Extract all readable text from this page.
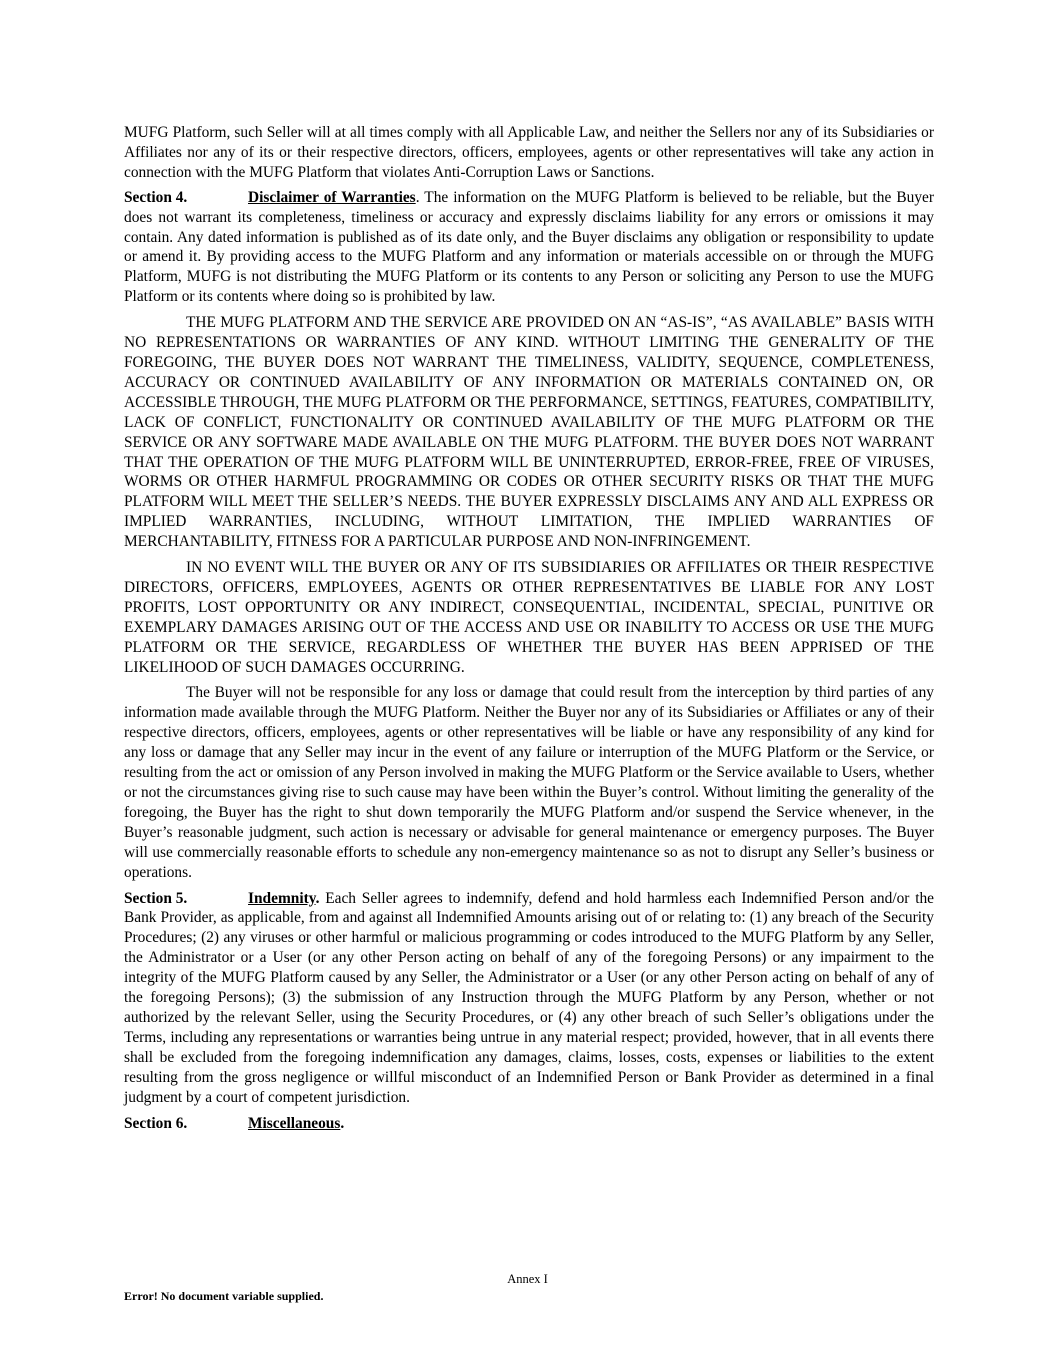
MUFG Platform, such Seller will at all times comply with all Applicable Law, and neither the Sellers nor any of its Subsidiaries or Affiliates nor any of its or their respective directors, officers, employees, agents or other representatives will take any action in connection with the MUFG Platform that violates Anti-Corruption Laws or Sanctions.

Section 4.	Disclaimer of Warranties. The information on the MUFG Platform is believed to be reliable, but the Buyer does not warrant its completeness, timeliness or accuracy and expressly disclaims liability for any errors or omissions it may contain. Any dated information is published as of its date only, and the Buyer disclaims any obligation or responsibility to update or amend it. By providing access to the MUFG Platform and any information or materials accessible on or through the MUFG Platform, MUFG is not distributing the MUFG Platform or its contents to any Person or soliciting any Person to use the MUFG Platform or its contents where doing so is prohibited by law.

THE MUFG PLATFORM AND THE SERVICE ARE PROVIDED ON AN “AS-IS”, “AS AVAILABLE” BASIS WITH NO REPRESENTATIONS OR WARRANTIES OF ANY KIND. WITHOUT LIMITING THE GENERALITY OF THE FOREGOING, THE BUYER DOES NOT WARRANT THE TIMELINESS, VALIDITY, SEQUENCE, COMPLETENESS, ACCURACY OR CONTINUED AVAILABILITY OF ANY INFORMATION OR MATERIALS CONTAINED ON, OR ACCESSIBLE THROUGH, THE MUFG PLATFORM OR THE PERFORMANCE, SETTINGS, FEATURES, COMPATIBILITY, LACK OF CONFLICT, FUNCTIONALITY OR CONTINUED AVAILABILITY OF THE MUFG PLATFORM OR THE SERVICE OR ANY SOFTWARE MADE AVAILABLE ON THE MUFG PLATFORM. THE BUYER DOES NOT WARRANT THAT THE OPERATION OF THE MUFG PLATFORM WILL BE UNINTERRUPTED, ERROR-FREE, FREE OF VIRUSES, WORMS OR OTHER HARMFUL PROGRAMMING OR CODES OR OTHER SECURITY RISKS OR THAT THE MUFG PLATFORM WILL MEET THE SELLER’S NEEDS. THE BUYER EXPRESSLY DISCLAIMS ANY AND ALL EXPRESS OR IMPLIED WARRANTIES, INCLUDING, WITHOUT LIMITATION, THE IMPLIED WARRANTIES OF MERCHANTABILITY, FITNESS FOR A PARTICULAR PURPOSE AND NON-INFRINGEMENT.

IN NO EVENT WILL THE BUYER OR ANY OF ITS SUBSIDIARIES OR AFFILIATES OR THEIR RESPECTIVE DIRECTORS, OFFICERS, EMPLOYEES, AGENTS OR OTHER REPRESENTATIVES BE LIABLE FOR ANY LOST PROFITS, LOST OPPORTUNITY OR ANY INDIRECT, CONSEQUENTIAL, INCIDENTAL, SPECIAL, PUNITIVE OR EXEMPLARY DAMAGES ARISING OUT OF THE ACCESS AND USE OR INABILITY TO ACCESS OR USE THE MUFG PLATFORM OR THE SERVICE, REGARDLESS OF WHETHER THE BUYER HAS BEEN APPRISED OF THE LIKELIHOOD OF SUCH DAMAGES OCCURRING.

The Buyer will not be responsible for any loss or damage that could result from the interception by third parties of any information made available through the MUFG Platform. Neither the Buyer nor any of its Subsidiaries or Affiliates or any of their respective directors, officers, employees, agents or other representatives will be liable or have any responsibility of any kind for any loss or damage that any Seller may incur in the event of any failure or interruption of the MUFG Platform or the Service, or resulting from the act or omission of any Person involved in making the MUFG Platform or the Service available to Users, whether or not the circumstances giving rise to such cause may have been within the Buyer’s control. Without limiting the generality of the foregoing, the Buyer has the right to shut down temporarily the MUFG Platform and/or suspend the Service whenever, in the Buyer’s reasonable judgment, such action is necessary or advisable for general maintenance or emergency purposes. The Buyer will use commercially reasonable efforts to schedule any non-emergency maintenance so as not to disrupt any Seller’s business or operations.

Section 5.	Indemnity. Each Seller agrees to indemnify, defend and hold harmless each Indemnified Person and/or the Bank Provider, as applicable, from and against all Indemnified Amounts arising out of or relating to: (1) any breach of the Security Procedures; (2) any viruses or other harmful or malicious programming or codes introduced to the MUFG Platform by any Seller, the Administrator or a User (or any other Person acting on behalf of any of the foregoing Persons) or any impairment to the integrity of the MUFG Platform caused by any Seller, the Administrator or a User (or any other Person acting on behalf of any of the foregoing Persons); (3) the submission of any Instruction through the MUFG Platform by any Person, whether or not authorized by the relevant Seller, using the Security Procedures, or (4) any other breach of such Seller’s obligations under the Terms, including any representations or warranties being untrue in any material respect; provided, however, that in all events there shall be excluded from the foregoing indemnification any damages, claims, losses, costs, expenses or liabilities to the extent resulting from the gross negligence or willful misconduct of an Indemnified Person or Bank Provider as determined in a final judgment by a court of competent jurisdiction.

Section 6.	Miscellaneous.

Annex I
Error! No document variable supplied.
